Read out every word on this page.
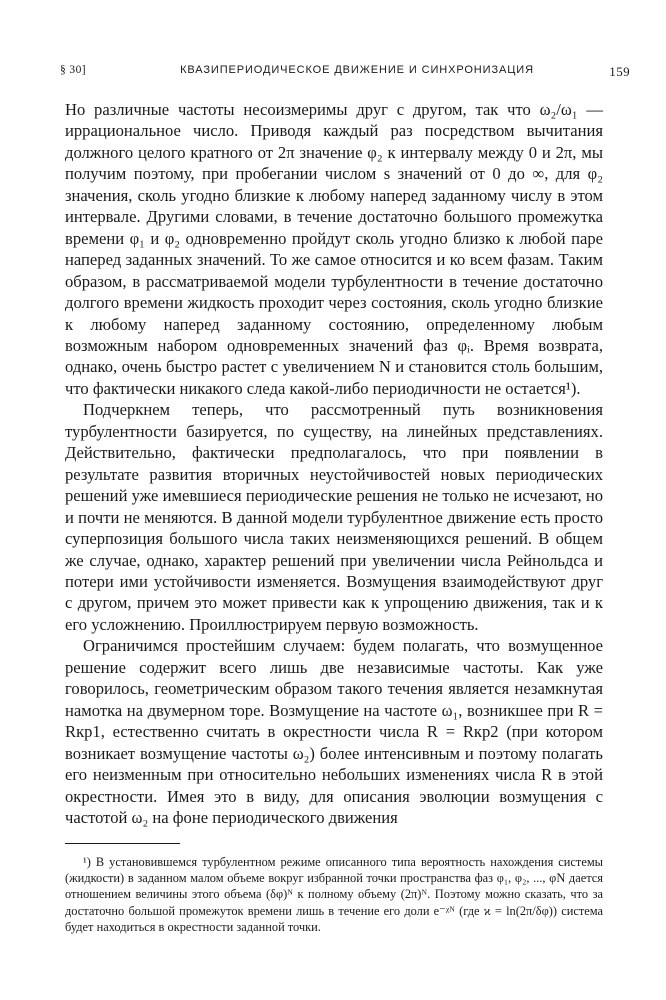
§ 30]	КВАЗИПЕРИОДИЧЕСКОЕ ДВИЖЕНИЕ И СИНХРОНИЗАЦИЯ	159

Но различные частоты несоизмеримы друг с другом, так что ω₂/ω₁ — иррациональное число. Приводя каждый раз посредством вычитания должного целого кратного от 2π значение φ₂ к интервалу между 0 и 2π, мы получим поэтому, при пробегании числом s значений от 0 до ∞, для φ₂ значения, сколь угодно близкие к любому наперед заданному числу в этом интервале. Другими словами, в течение достаточно большого промежутка времени φ₁ и φ₂ одновременно пройдут сколь угодно близко к любой паре наперед заданных значений. То же самое относится и ко всем фазам. Таким образом, в рассматриваемой модели турбулентности в течение достаточно долгого времени жидкость проходит через состояния, сколь угодно близкие к любому наперед заданному состоянию, определенному любым возможным набором одновременных значений фаз φᵢ. Время возврата, однако, очень быстро растет с увеличением N и становится столь большим, что фактически никакого следа какой-либо периодичности не остается¹).

Подчеркнем теперь, что рассмотренный путь возникновения турбулентности базируется, по существу, на линейных представлениях. Действительно, фактически предполагалось, что при появлении в результате развития вторичных неустойчивостей новых периодических решений уже имевшиеся периодические решения не только не исчезают, но и почти не меняются. В данной модели турбулентное движение есть просто суперпозиция большого числа таких неизменяющихся решений. В общем же случае, однако, характер решений при увеличении числа Рейнольдса и потери ими устойчивости изменяется. Возмущения взаимодействуют друг с другом, причем это может привести как к упрощению движения, так и к его усложнению. Проиллюстрируем первую возможность.

Ограничимся простейшим случаем: будем полагать, что возмущенное решение содержит всего лишь две независимые частоты. Как уже говорилось, геометрическим образом такого течения является незамкнутая намотка на двумерном торе. Возмущение на частоте ω₁, возникшее при R = Rкр1, естественно считать в окрестности числа R = Rкр2 (при котором возникает возмущение частоты ω₂) более интенсивным и поэтому полагать его неизменным при относительно небольших изменениях числа R в этой окрестности. Имея это в виду, для описания эволюции возмущения с частотой ω₂ на фоне периодического движения

¹) В установившемся турбулентном режиме описанного типа вероятность нахождения системы (жидкости) в заданном малом объеме вокруг избранной точки пространства фаз φ₁, φ₂, ..., φN дается отношением величины этого объема (δφ)ᴺ к полному объему (2π)ᴺ. Поэтому можно сказать, что за достаточно большой промежуток времени лишь в течение его доли e⁻ᵡᴺ (где ϰ = ln(2π/δφ)) система будет находиться в окрестности заданной точки.
